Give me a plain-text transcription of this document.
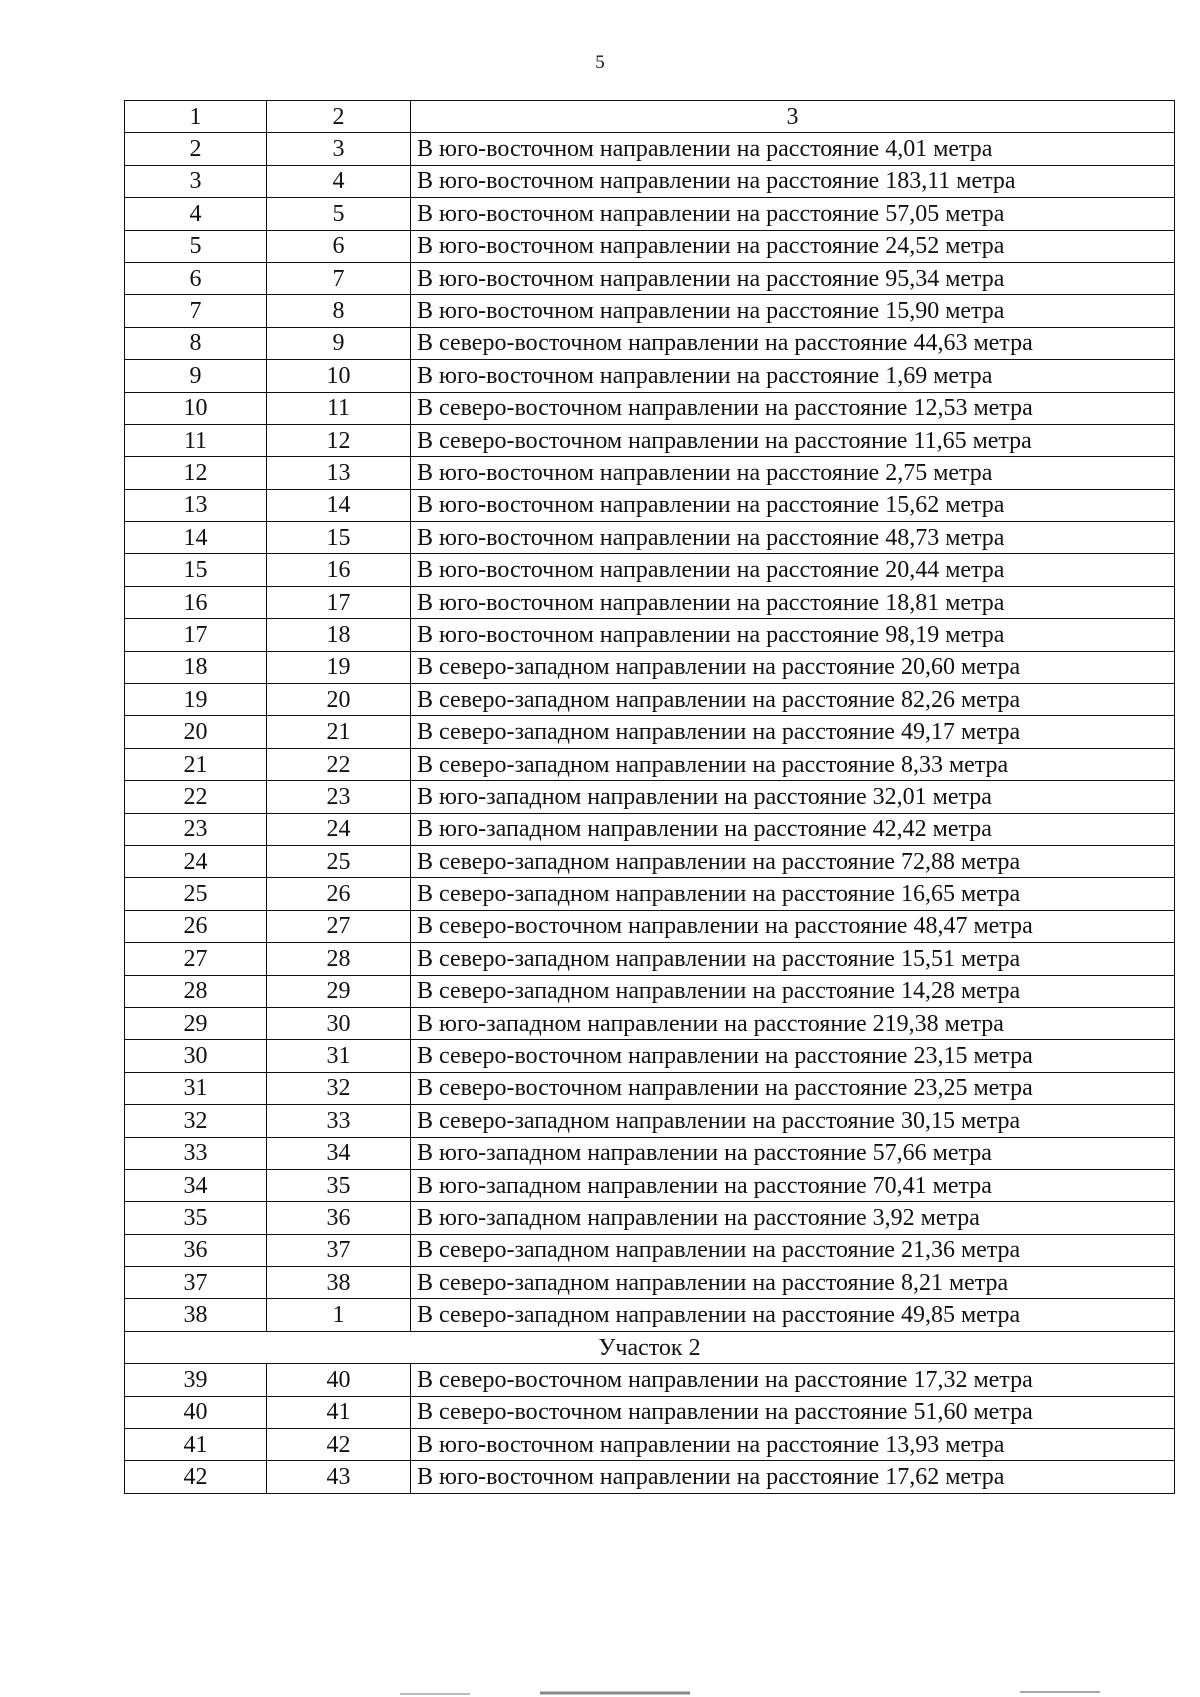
5
1	2	3
2	3	В юго-восточном направлении на расстояние 4,01 метра
3	4	В юго-восточном направлении на расстояние 183,11 метра
4	5	В юго-восточном направлении на расстояние 57,05 метра
5	6	В юго-восточном направлении на расстояние 24,52 метра
6	7	В юго-восточном направлении на расстояние 95,34 метра
7	8	В юго-восточном направлении на расстояние 15,90 метра
8	9	В северо-восточном направлении на расстояние 44,63 метра
9	10	В юго-восточном направлении на расстояние 1,69 метра
10	11	В северо-восточном направлении на расстояние 12,53 метра
11	12	В северо-восточном направлении на расстояние 11,65 метра
12	13	В юго-восточном направлении на расстояние 2,75 метра
13	14	В юго-восточном направлении на расстояние 15,62 метра
14	15	В юго-восточном направлении на расстояние 48,73 метра
15	16	В юго-восточном направлении на расстояние 20,44 метра
16	17	В юго-восточном направлении на расстояние 18,81 метра
17	18	В юго-восточном направлении на расстояние 98,19 метра
18	19	В северо-западном направлении на расстояние 20,60 метра
19	20	В северо-западном направлении на расстояние 82,26 метра
20	21	В северо-западном направлении на расстояние 49,17 метра
21	22	В северо-западном направлении на расстояние 8,33 метра
22	23	В юго-западном направлении на расстояние 32,01 метра
23	24	В юго-западном направлении на расстояние 42,42 метра
24	25	В северо-западном направлении на расстояние 72,88 метра
25	26	В северо-западном направлении на расстояние 16,65 метра
26	27	В северо-восточном направлении на расстояние 48,47 метра
27	28	В северо-западном направлении на расстояние 15,51 метра
28	29	В северо-западном направлении на расстояние 14,28 метра
29	30	В юго-западном направлении на расстояние 219,38 метра
30	31	В северо-восточном направлении на расстояние 23,15 метра
31	32	В северо-восточном направлении на расстояние 23,25 метра
32	33	В северо-западном направлении на расстояние 30,15 метра
33	34	В юго-западном направлении на расстояние 57,66 метра
34	35	В юго-западном направлении на расстояние 70,41 метра
35	36	В юго-западном направлении на расстояние 3,92 метра
36	37	В северо-западном направлении на расстояние 21,36 метра
37	38	В северо-западном направлении на расстояние 8,21 метра
38	1	В северо-западном направлении на расстояние 49,85 метра
Участок 2		
39	40	В северо-восточном направлении на расстояние 17,32 метра
40	41	В северо-восточном направлении на расстояние 51,60 метра
41	42	В юго-восточном направлении на расстояние 13,93 метра
42	43	В юго-восточном направлении на расстояние 17,62 метра
